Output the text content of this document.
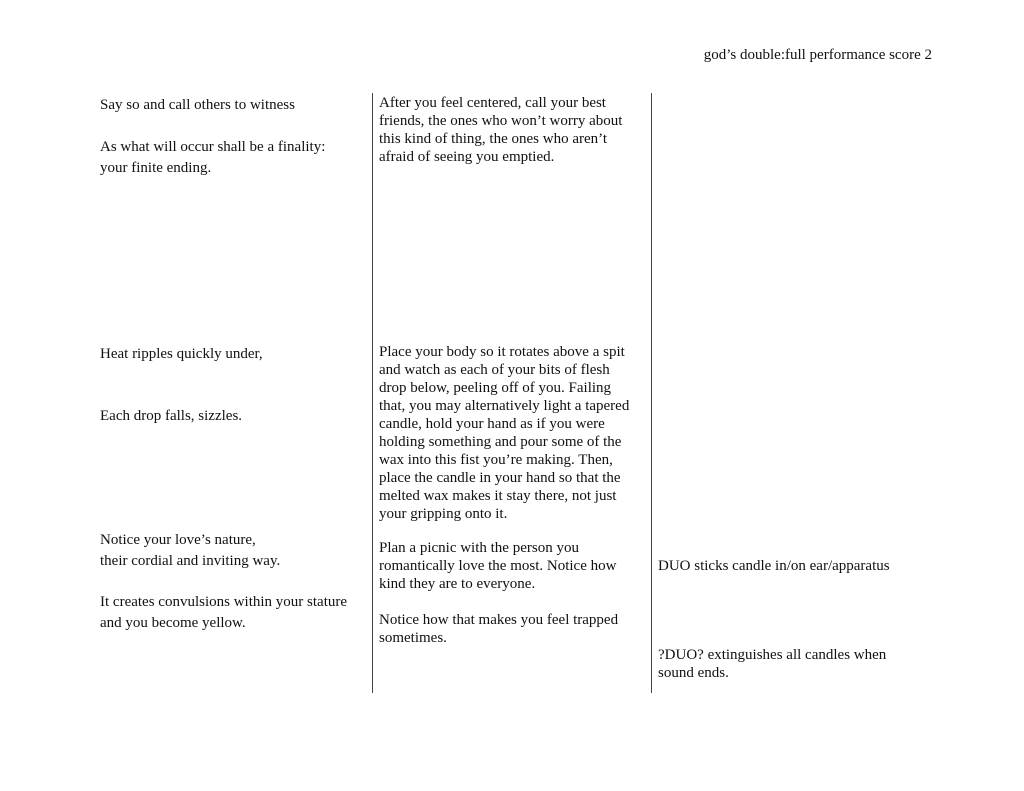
god’s double:full performance score 2
Say so and call others to witness
As what will occur shall be a finality:
your finite ending.
Heat ripples quickly under,
Each drop falls, sizzles.
Notice your love’s nature,
their cordial and inviting way.
It creates convulsions within your stature
and you become yellow.
After you feel centered, call your best
friends, the ones who won’t worry about
this kind of thing, the ones who aren’t
afraid of seeing you emptied.
Place your body so it rotates above a spit
and watch as each of your bits of flesh
drop below, peeling off of you. Failing
that, you may alternatively light a tapered
candle, hold your hand as if you were
holding something and pour some of the
wax into this fist you’re making. Then,
place the candle in your hand so that the
melted wax makes it stay there, not just
your gripping onto it.
Plan a picnic with the person you
romantically love the most. Notice how
kind they are to everyone.
Notice how that makes you feel trapped
sometimes.
DUO sticks candle in/on ear/apparatus
?DUO? extinguishes all candles when
sound ends.
